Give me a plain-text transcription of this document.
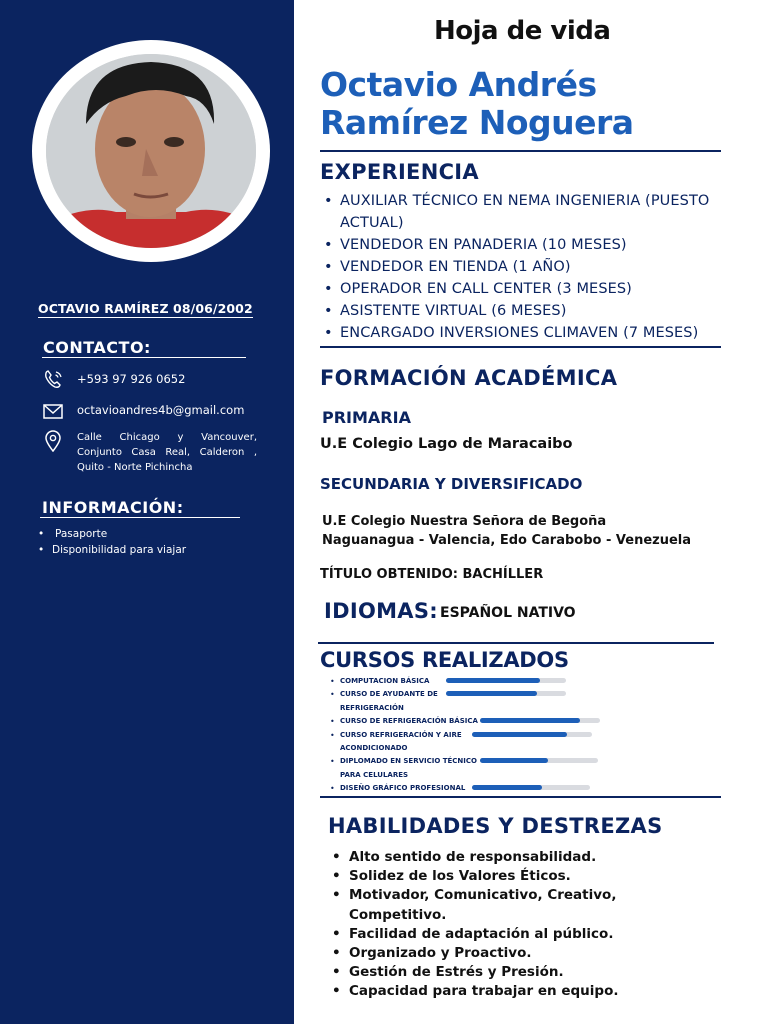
OCTAVIO RAMÍREZ 08/06/2002
CONTACTO:
+593 97 926 0652
octavioandres4b@gmail.com
Calle Chicago y Vancouver, Conjunto Casa Real, Calderon , Quito - Norte Pichincha
INFORMACIÓN:
• Pasaporte
• Disponibilidad para viajar
Hoja de vida
Octavio Andrés
Ramírez Noguera
EXPERIENCIA
• AUXILIAR TÉCNICO EN NEMA INGENIERIA (PUESTO ACTUAL)
• VENDEDOR EN PANADERIA (10 MESES)
• VENDEDOR EN TIENDA (1 AÑO)
• OPERADOR EN CALL CENTER (3 MESES)
• ASISTENTE VIRTUAL (6 MESES)
• ENCARGADO INVERSIONES CLIMAVEN (7 MESES)
FORMACIÓN ACADÉMICA
PRIMARIA
U.E Colegio Lago de Maracaibo
SECUNDARIA Y DIVERSIFICADO
U.E Colegio Nuestra Señora de Begoña
Naguanagua - Valencia, Edo Carabobo - Venezuela
TÍTULO OBTENIDO: BACHÍLLER
IDIOMAS: ESPAÑOL NATIVO
CURSOS REALIZADOS
• COMPUTACION BÁSICA
• CURSO DE AYUDANTE DE REFRIGERACIÓN
• CURSO DE REFRIGERACIÓN BÁSICA
• CURSO REFRIGERACIÓN Y AIRE ACONDICIONADO
• DIPLOMADO EN SERVICIO TÉCNICO PARA CELULARES
• DISEÑO GRÁFICO PROFESIONAL
HABILIDADES Y DESTREZAS
• Alto sentido de responsabilidad.
• Solidez de los Valores Éticos.
• Motivador, Comunicativo, Creativo, Competitivo.
• Facilidad de adaptación al público.
• Organizado y Proactivo.
• Gestión de Estrés y Presión.
• Capacidad para trabajar en equipo.
